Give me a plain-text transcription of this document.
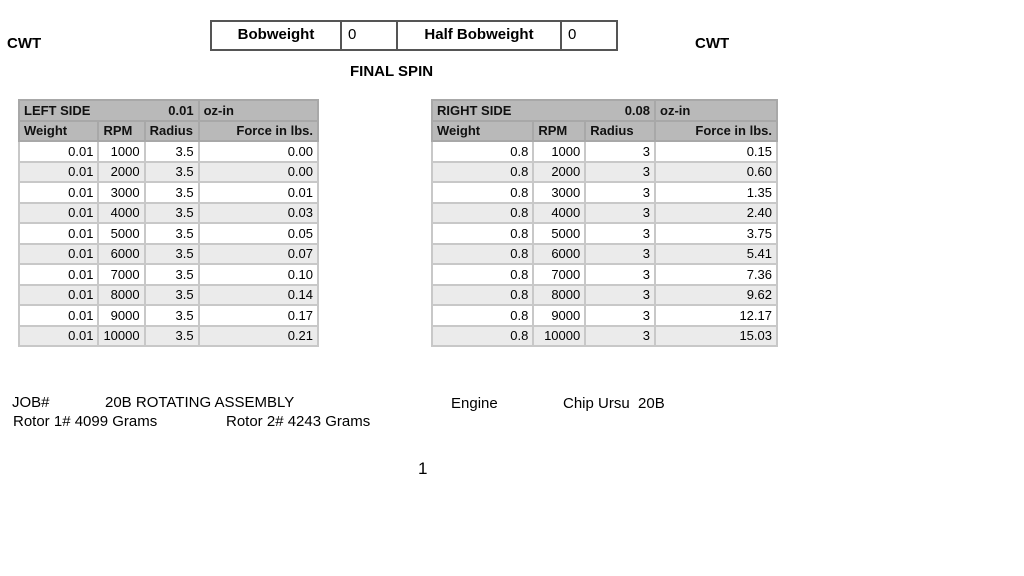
CWT	CWT
Bobweight	0	Half Bobweight	0
FINAL SPIN
LEFT SIDE 0.01			oz-in
Weight	RPM	Radius	Force in lbs.
0.01	1000	3.5	0.00
0.01	2000	3.5	0.00
0.01	3000	3.5	0.01
0.01	4000	3.5	0.03
0.01	5000	3.5	0.05
0.01	6000	3.5	0.07
0.01	7000	3.5	0.10
0.01	8000	3.5	0.14
0.01	9000	3.5	0.17
0.01	10000	3.5	0.21
RIGHT SIDE 0.08			oz-in
Weight	RPM	Radius	Force in lbs.
0.8	1000	3	0.15
0.8	2000	3	0.60
0.8	3000	3	1.35
0.8	4000	3	2.40
0.8	5000	3	3.75
0.8	6000	3	5.41
0.8	7000	3	7.36
0.8	8000	3	9.62
0.8	9000	3	12.17
0.8	10000	3	15.03
JOB#	20B ROTATING ASSEMBLY	Engine	Chip Ursu  20B
Rotor 1# 4099 Grams	Rotor 2# 4243 Grams
1
